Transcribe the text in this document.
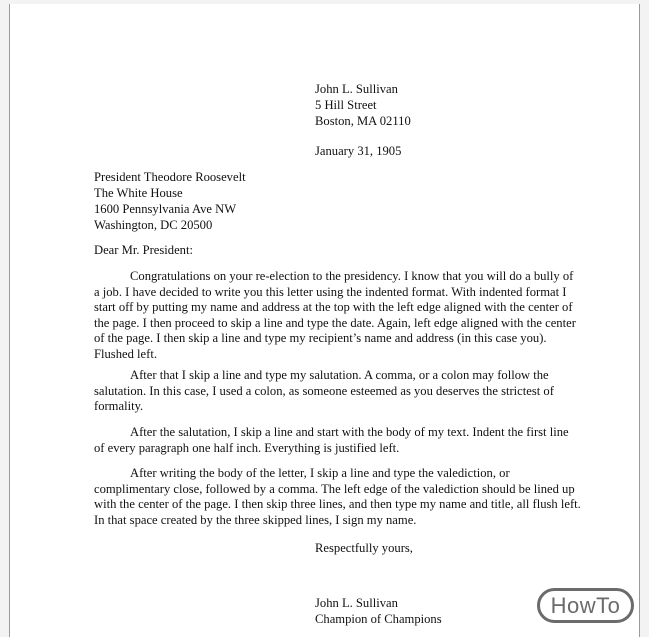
John L. Sullivan
5 Hill Street
Boston, MA 02110
January 31, 1905
President Theodore Roosevelt
The White House
1600 Pennsylvania Ave NW
Washington, DC 20500
Dear Mr. President:
Congratulations on your re-election to the presidency. I know that you will do a bully of a job. I have decided to write you this letter using the indented format. With indented format I start off by putting my name and address at the top with the left edge aligned with the center of the page. I then proceed to skip a line and type the date. Again, left edge aligned with the center of the page. I then skip a line and type my recipient’s name and address (in this case you). Flushed left.
After that I skip a line and type my salutation. A comma, or a colon may follow the salutation. In this case, I used a colon, as someone esteemed as you deserves the strictest of formality.
After the salutation, I skip a line and start with the body of my text. Indent the first line of every paragraph one half inch. Everything is justified left.
After writing the body of the letter, I skip a line and type the valediction, or complimentary close, followed by a comma. The left edge of the valediction should be lined up with the center of the page. I then skip three lines, and then type my name and title, all flush left. In that space created by the three skipped lines, I sign my name.
Respectfully yours,
John L. Sullivan
Champion of Champions
HowTo
